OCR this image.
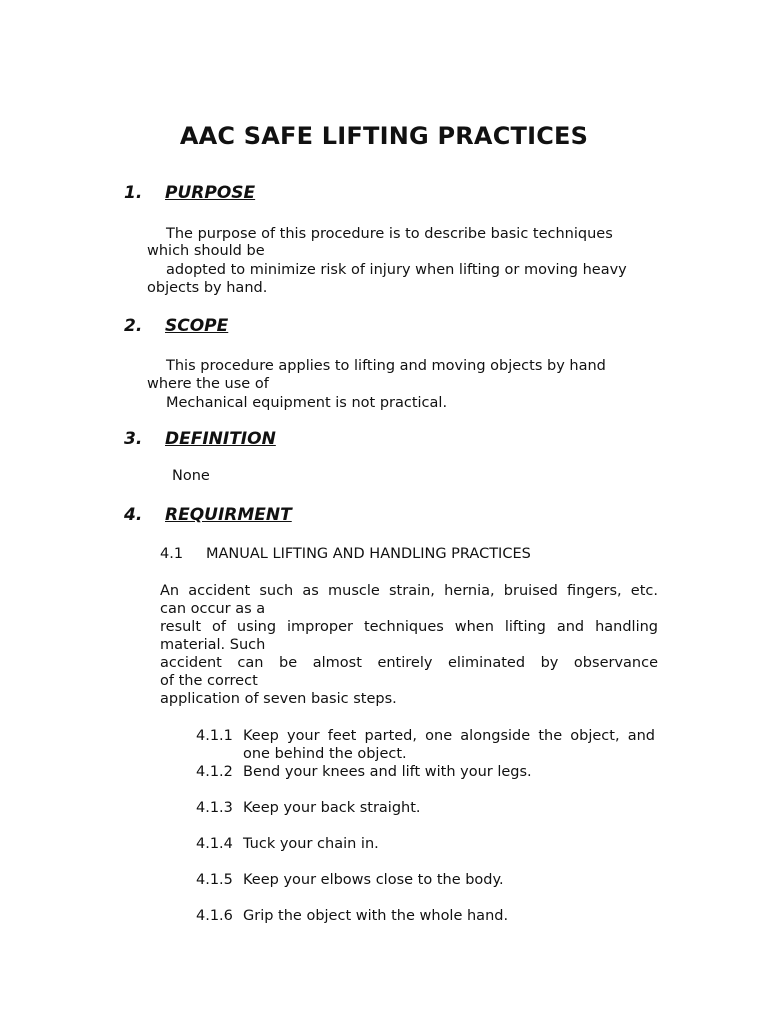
AAC SAFE LIFTING PRACTICES
1. PURPOSE
The purpose of this procedure is to describe basic techniques
which should be
adopted to minimize risk of injury when lifting or moving heavy
objects by hand.
2. SCOPE
This procedure applies to lifting and moving objects by hand
where the use of
Mechanical equipment is not practical.
3. DEFINITION
None
4. REQUIRMENT
4.1 MANUAL LIFTING AND HANDLING PRACTICES
An accident such as muscle strain, hernia, bruised fingers, etc.
can occur as a
result of using improper techniques when lifting and handling
material. Such
accident can be almost entirely eliminated by observance
of the correct
application of seven basic steps.
4.1.1 Keep your feet parted, one alongside the object, and
one behind the object.
4.1.2 Bend your knees and lift with your legs.
4.1.3 Keep your back straight.
4.1.4 Tuck your chain in.
4.1.5 Keep your elbows close to the body.
4.1.6 Grip the object with the whole hand.
